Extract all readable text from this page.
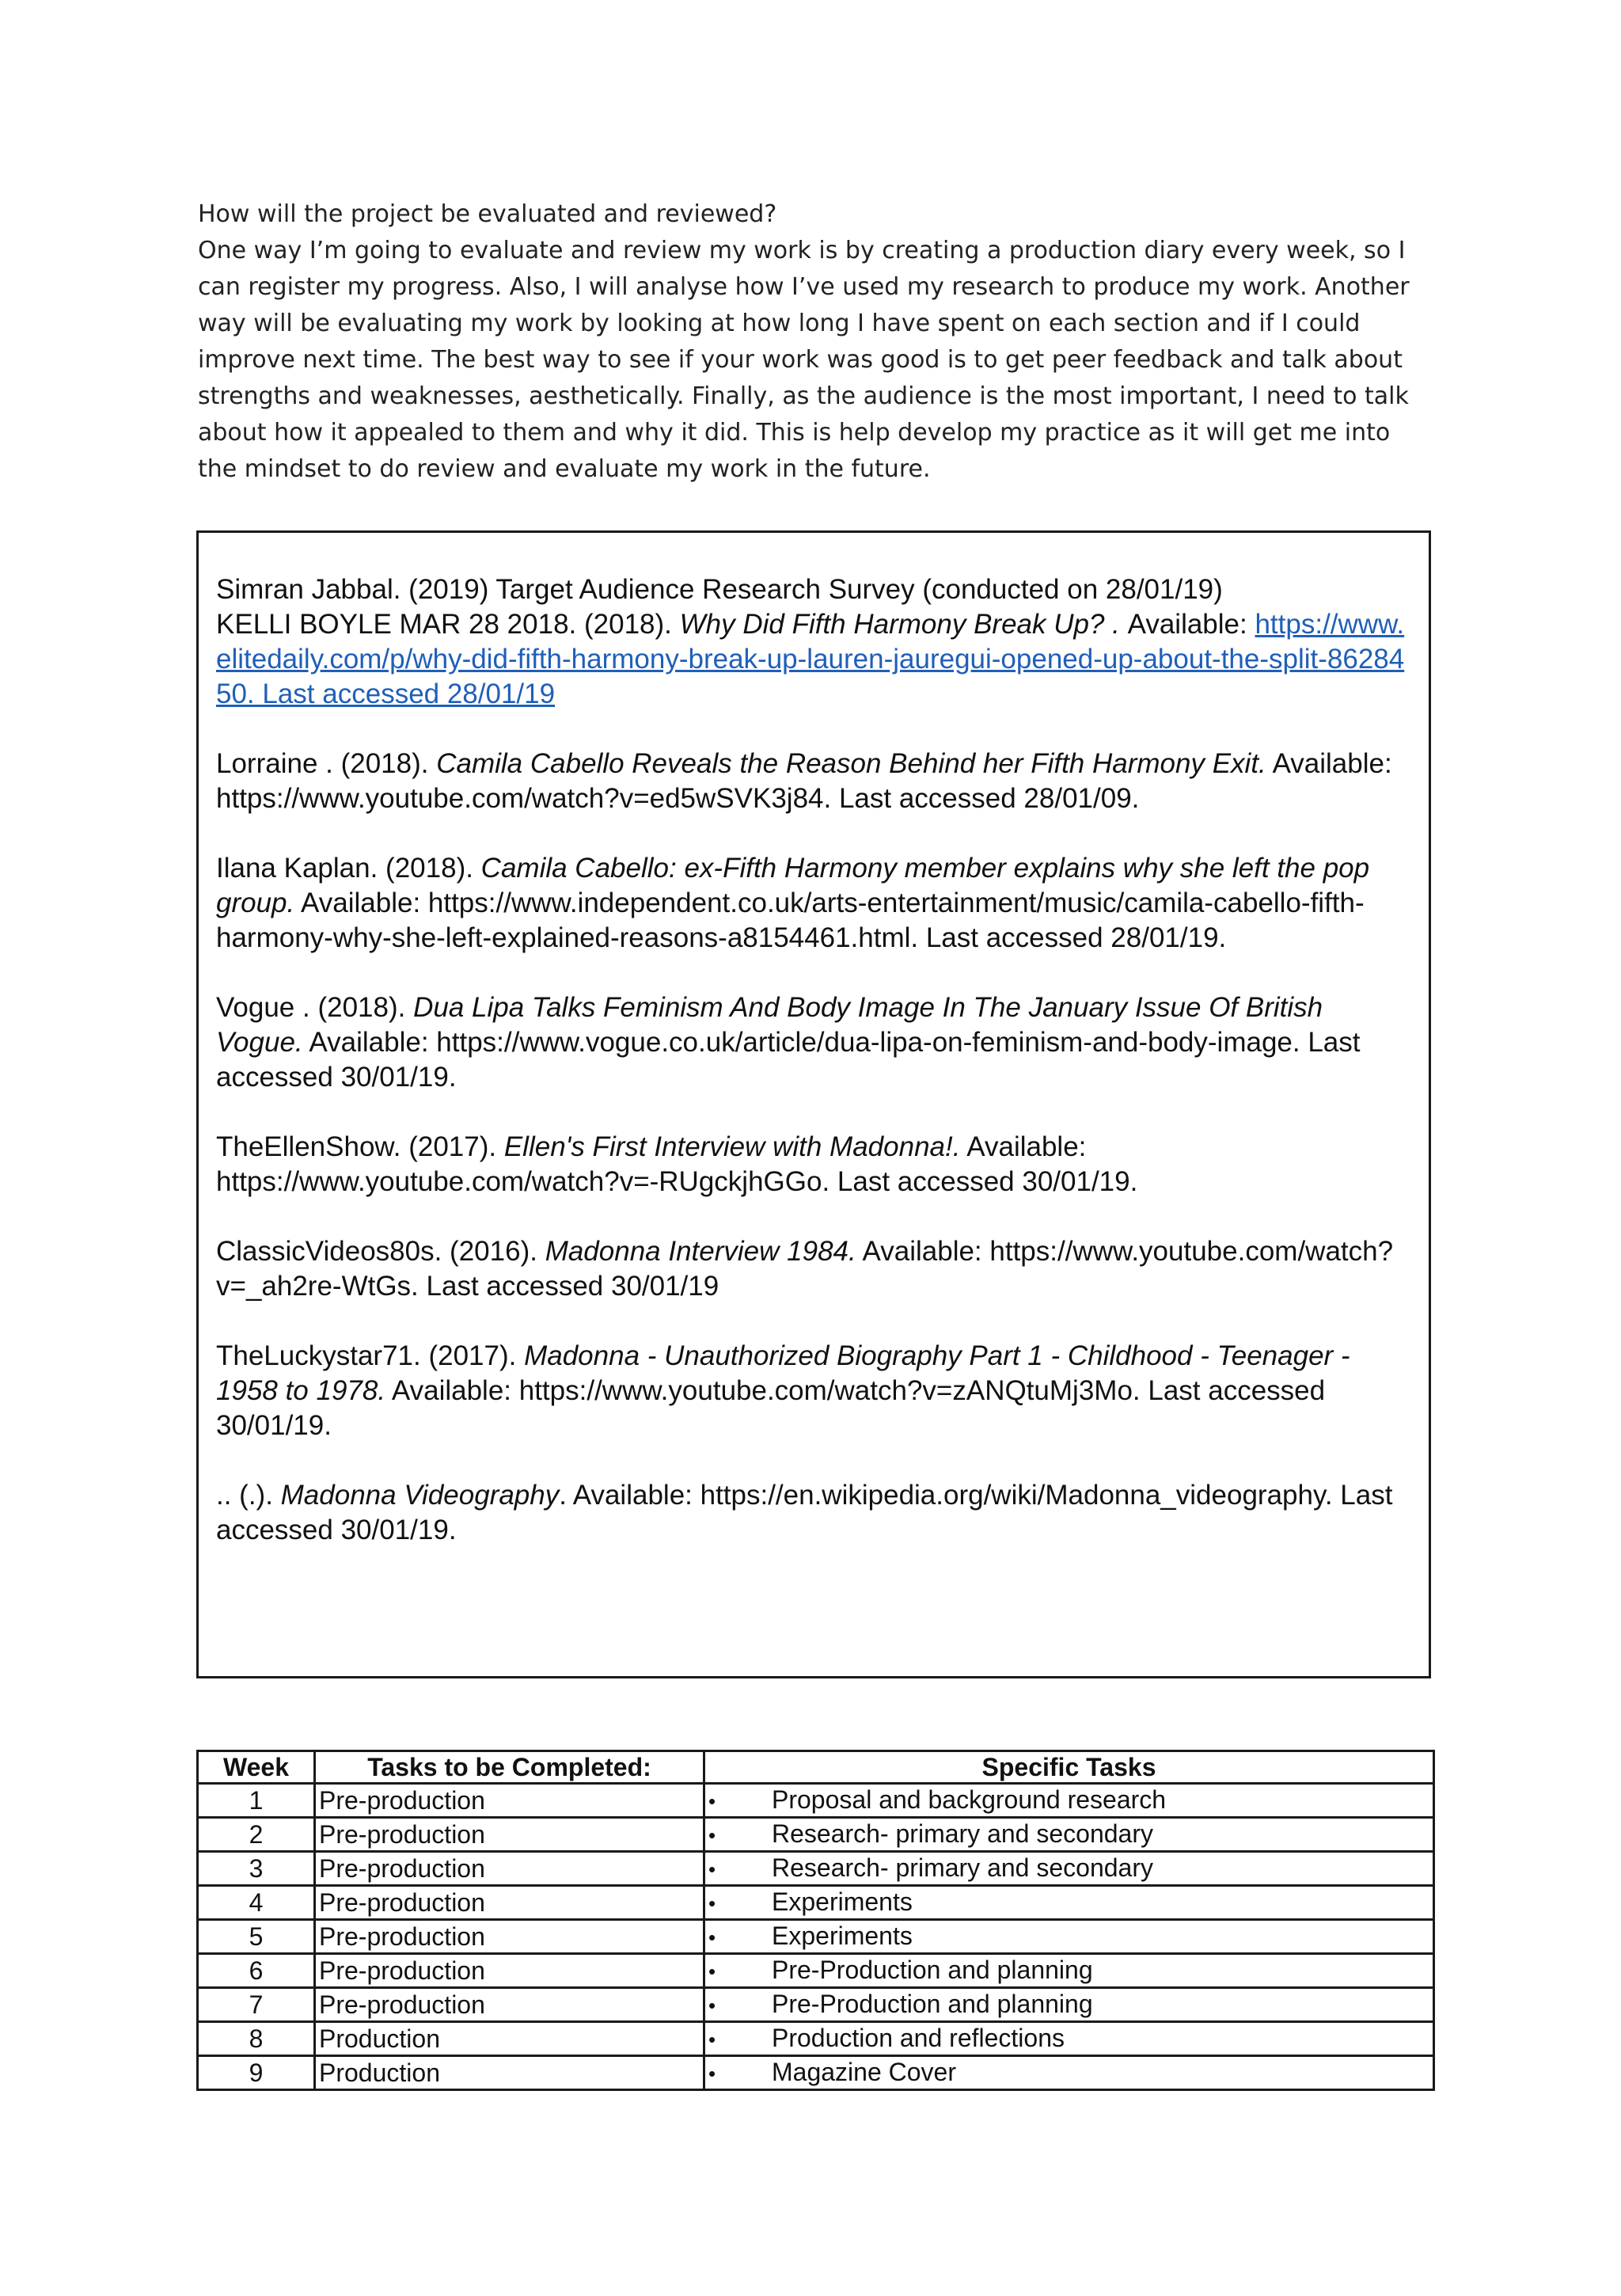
How will the project be evaluated and reviewed?

One way I’m going to evaluate and review my work is by creating a production diary every week, so I can register my progress. Also, I will analyse how I’ve used my research to produce my work. Another way will be evaluating my work by looking at how long I have spent on each section and if I could improve next time. The best way to see if your work was good is to get peer feedback and talk about strengths and weaknesses, aesthetically. Finally, as the audience is the most important, I need to talk about how it appealed to them and why it did. This is help develop my practice as it will get me into the mindset to do review and evaluate my work in the future.

Simran Jabbal. (2019) Target Audience Research Survey (conducted on 28/01/19)

KELLI BOYLE MAR 28 2018. (2018). Why Did Fifth Harmony Break Up? . Available: https://www.elitedaily.com/p/why-did-fifth-harmony-break-up-lauren-jauregui-opened-up-about-the-split-8628450. Last accessed 28/01/19

Lorraine . (2018). Camila Cabello Reveals the Reason Behind her Fifth Harmony Exit. Available: https://www.youtube.com/watch?v=ed5wSVK3j84. Last accessed 28/01/09.

Ilana Kaplan. (2018). Camila Cabello: ex-Fifth Harmony member explains why she left the pop group. Available: https://www.independent.co.uk/arts-entertainment/music/camila-cabello-fifth-harmony-why-she-left-explained-reasons-a8154461.html. Last accessed 28/01/19.

Vogue . (2018). Dua Lipa Talks Feminism And Body Image In The January Issue Of British Vogue. Available: https://www.vogue.co.uk/article/dua-lipa-on-feminism-and-body-image. Last accessed 30/01/19.

TheEllenShow. (2017). Ellen's First Interview with Madonna!. Available: https://www.youtube.com/watch?v=-RUgckjhGGo. Last accessed 30/01/19.

ClassicVideos80s. (2016). Madonna Interview 1984. Available: https://www.youtube.com/watch?v=_ah2re-WtGs. Last accessed 30/01/19

TheLuckystar71. (2017). Madonna - Unauthorized Biography Part 1 - Childhood - Teenager - 1958 to 1978. Available: https://www.youtube.com/watch?v=zANQtuMj3Mo. Last accessed 30/01/19.

.. (.). Madonna Videography. Available: https://en.wikipedia.org/wiki/Madonna_videography. Last accessed 30/01/19.

Week	Tasks to be Completed:	Specific Tasks
1	Pre-production	• Proposal and background research
2	Pre-production	• Research- primary and secondary
3	Pre-production	• Research- primary and secondary
4	Pre-production	• Experiments
5	Pre-production	• Experiments
6	Pre-production	• Pre-Production and planning
7	Pre-production	• Pre-Production and planning
8	Production	• Production and reflections
9	Production	• Magazine Cover
